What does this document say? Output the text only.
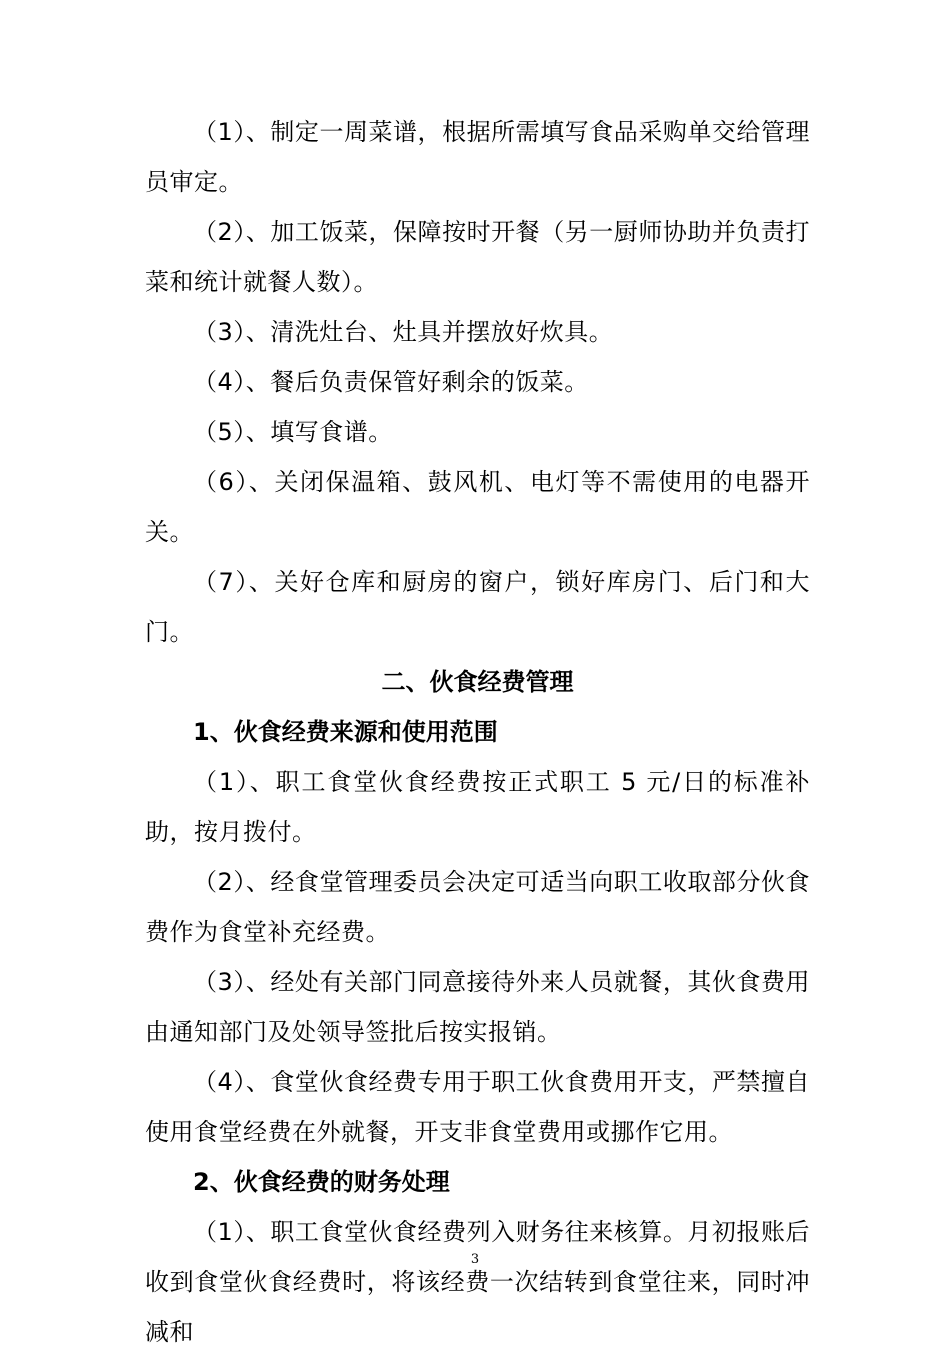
（1）、制定一周菜谱，根据所需填写食品采购单交给管理员审定。

（2）、加工饭菜，保障按时开餐（另一厨师协助并负责打菜和统计就餐人数）。

（3）、清洗灶台、灶具并摆放好炊具。

（4）、餐后负责保管好剩余的饭菜。

（5）、填写食谱。

（6）、关闭保温箱、鼓风机、电灯等不需使用的电器开关。

（7）、关好仓库和厨房的窗户，锁好库房门、后门和大门。

二、伙食经费管理

1、伙食经费来源和使用范围

（1）、职工食堂伙食经费按正式职工 5 元/日的标准补助，按月拨付。

（2）、经食堂管理委员会决定可适当向职工收取部分伙食费作为食堂补充经费。

（3）、经处有关部门同意接待外来人员就餐，其伙食费用由通知部门及处领导签批后按实报销。

（4）、食堂伙食经费专用于职工伙食费用开支，严禁擅自使用食堂经费在外就餐，开支非食堂费用或挪作它用。

2、伙食经费的财务处理

（1）、职工食堂伙食经费列入财务往来核算。月初报账后收到食堂伙食经费时，将该经费一次结转到食堂往来，同时冲减和

3
